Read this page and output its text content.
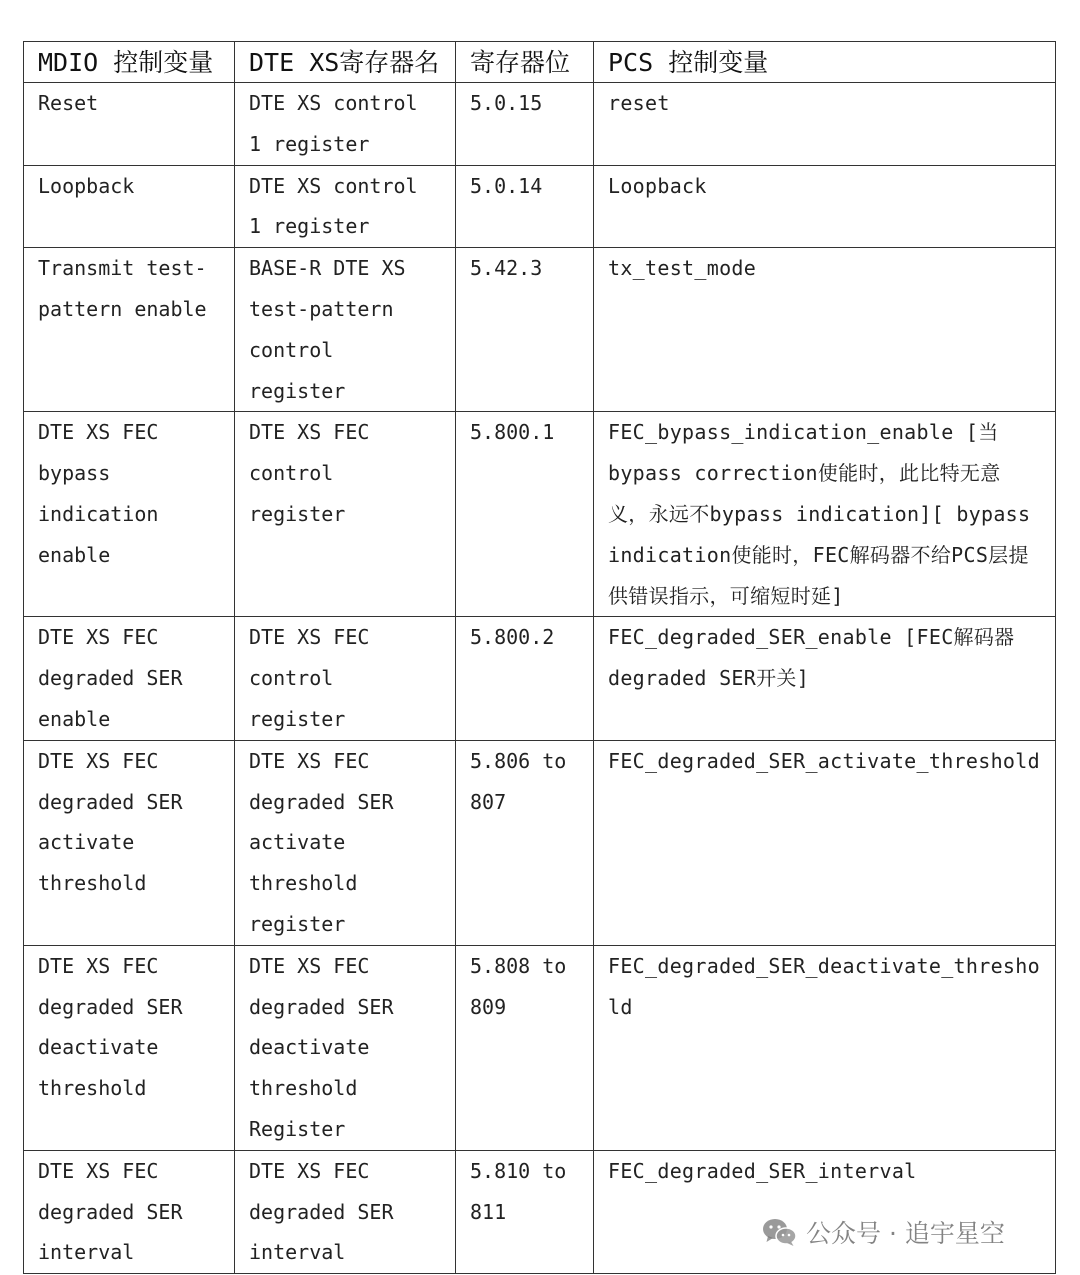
MDIO 控制变量	DTE XS寄存器名	寄存器位	PCS 控制变量
Reset	DTE XS control 1 register	5.0.15	reset
Loopback	DTE XS control 1 register	5.0.14	Loopback
Transmit test-pattern enable	BASE-R DTE XS test-pattern control register	5.42.3	tx_test_mode
DTE XS FEC bypass indication enable	DTE XS FEC control register	5.800.1	FEC_bypass_indication_enable [当bypass correction使能时，此比特无意义，永远不bypass indication][ bypass indication使能时，FEC解码器不给PCS层提供错误指示，可缩短时延]
DTE XS FEC degraded SER enable	DTE XS FEC control register	5.800.2	FEC_degraded_SER_enable [FEC解码器degraded SER开关]
DTE XS FEC degraded SER activate threshold	DTE XS FEC degraded SER activate threshold register	5.806 to 807	FEC_degraded_SER_activate_threshold
DTE XS FEC degraded SER deactivate threshold	DTE XS FEC degraded SER deactivate threshold Register	5.808 to 809	FEC_degraded_SER_deactivate_threshold
DTE XS FEC degraded SER interval	DTE XS FEC degraded SER interval	5.810 to 811	FEC_degraded_SER_interval
公众号 · 追宇星空
